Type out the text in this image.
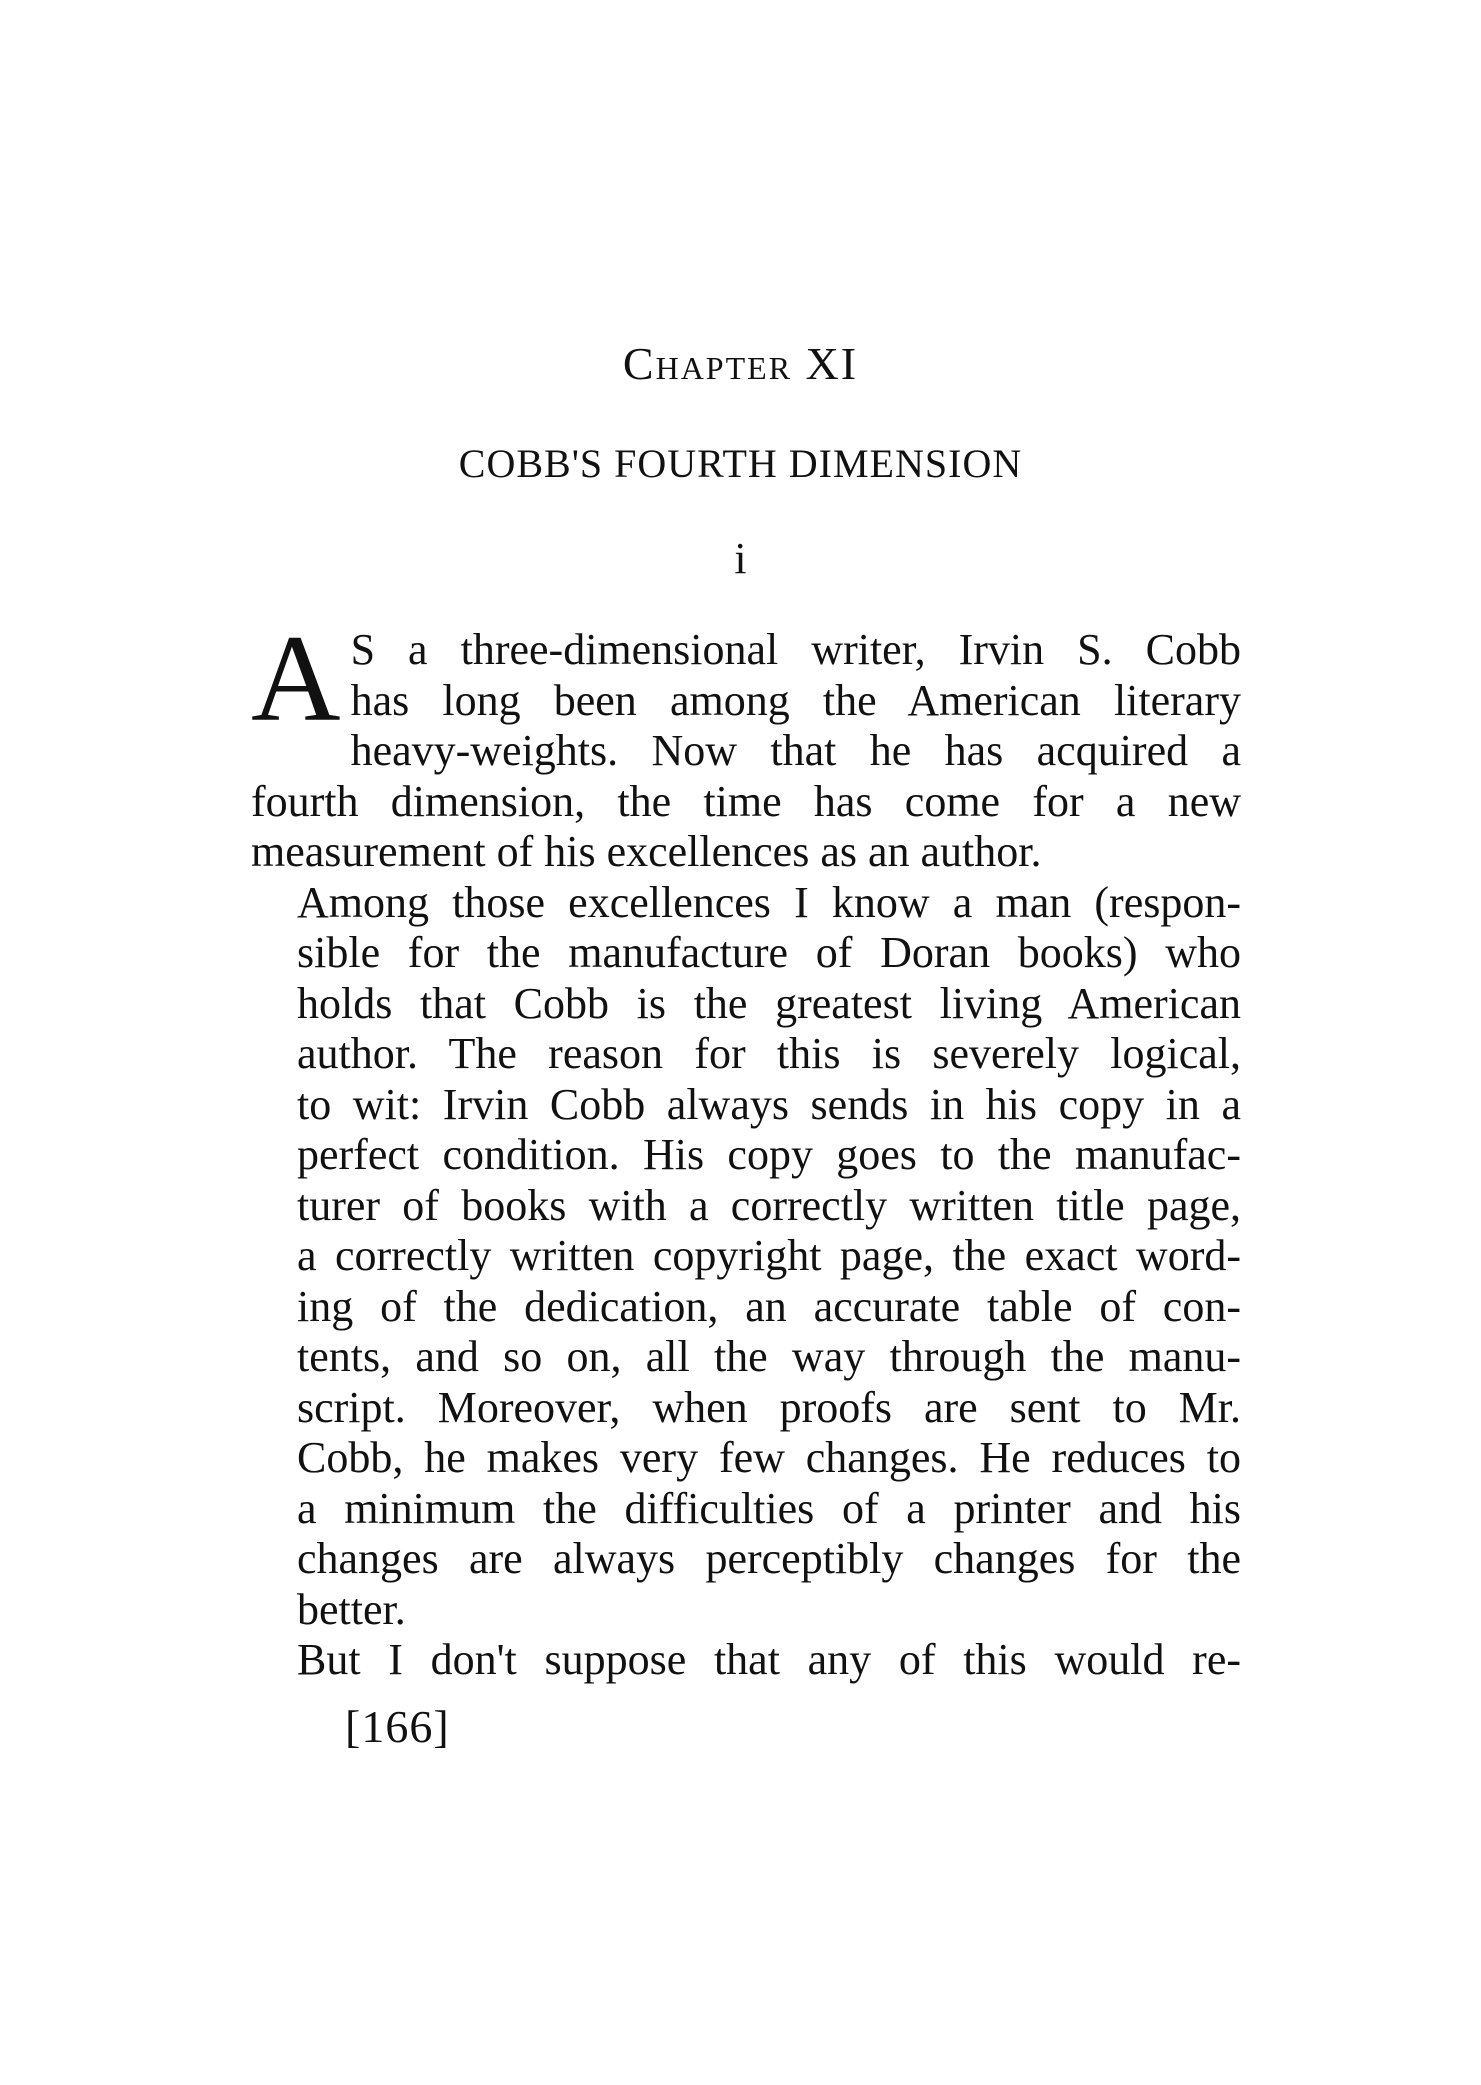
Chapter XI
COBB'S FOURTH DIMENSION
i

A S a three-dimensional writer, Irvin S. Cobb
has long been among the American literary
heavy-weights. Now that he has acquired a
fourth dimension, the time has come for a new
measurement of his excellences as an author.

Among those excellences I know a man (respon-
sible for the manufacture of Doran books) who
holds that Cobb is the greatest living American
author. The reason for this is severely logical,
to wit: Irvin Cobb always sends in his copy in a
perfect condition. His copy goes to the manufac-
turer of books with a correctly written title page,
a correctly written copyright page, the exact word-
ing of the dedication, an accurate table of con-
tents, and so on, all the way through the manu-
script. Moreover, when proofs are sent to Mr.
Cobb, he makes very few changes. He reduces to
a minimum the difficulties of a printer and his
changes are always perceptibly changes for the
better.

But I don't suppose that any of this would re-

[166]
